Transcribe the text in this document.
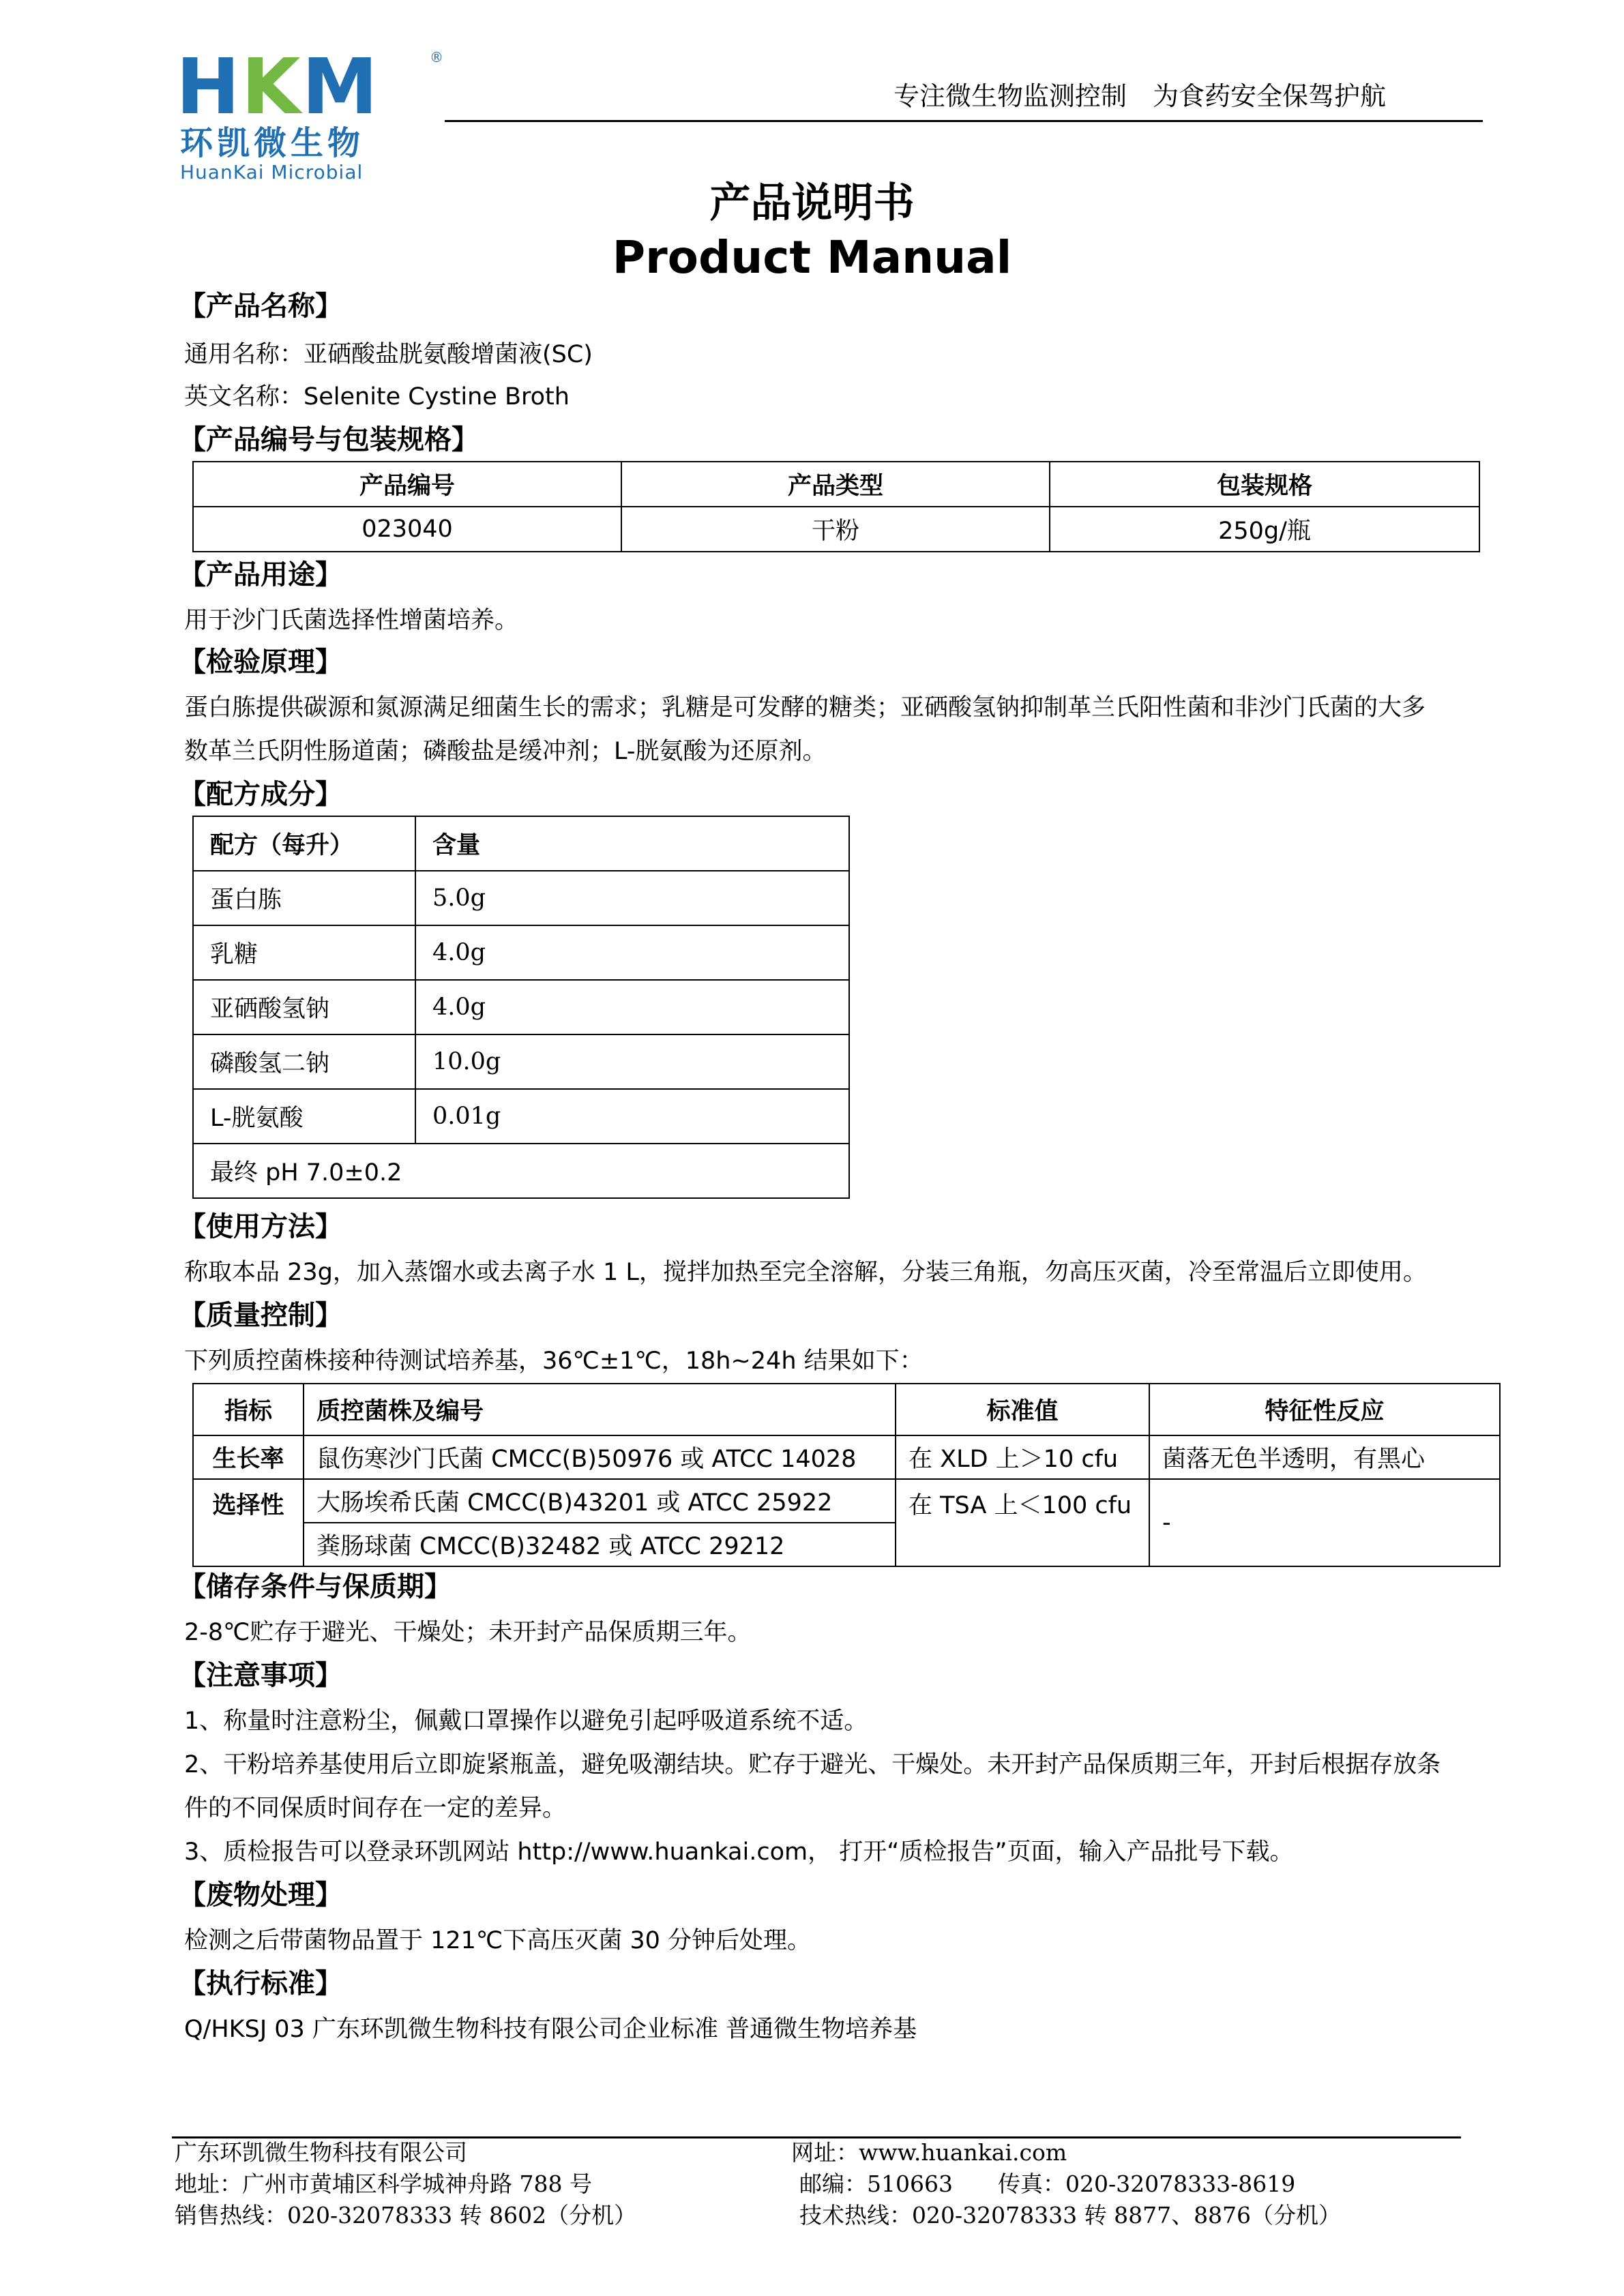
HKM	®
环凯微生物
HuanKai Microbial
专注微生物监测控制　为食药安全保驾护航
产品说明书
Product Manual
【产品名称】
通用名称：亚硒酸盐胱氨酸增菌液(SC)
英文名称：Selenite Cystine Broth
【产品编号与包装规格】
产品编号	产品类型	包装规格
023040	干粉	250g/瓶
【产品用途】
用于沙门氏菌选择性增菌培养。
【检验原理】
蛋白胨提供碳源和氮源满足细菌生长的需求；乳糖是可发酵的糖类；亚硒酸氢钠抑制革兰氏阳性菌和非沙门氏菌的大多
数革兰氏阴性肠道菌；磷酸盐是缓冲剂；L-胱氨酸为还原剂。
【配方成分】
配方（每升）	含量
蛋白胨	5.0g
乳糖	4.0g
亚硒酸氢钠	4.0g
磷酸氢二钠	10.0g
L-胱氨酸	0.01g
最终 pH 7.0±0.2	
【使用方法】
称取本品 23g，加入蒸馏水或去离子水 1 L，搅拌加热至完全溶解，分装三角瓶，勿高压灭菌，冷至常温后立即使用。
【质量控制】
下列质控菌株接种待测试培养基，36℃±1℃，18h~24h 结果如下：
指标	质控菌株及编号	标准值	特征性反应
生长率	鼠伤寒沙门氏菌 CMCC(B)50976 或 ATCC 14028	在 XLD 上＞10 cfu	菌落无色半透明，有黑心
选择性	大肠埃希氏菌 CMCC(B)43201 或 ATCC 25922	在 TSA 上＜100 cfu	-
	粪肠球菌 CMCC(B)32482 或 ATCC 29212		
【储存条件与保质期】
2-8℃贮存于避光、干燥处；未开封产品保质期三年。
【注意事项】
1、称量时注意粉尘，佩戴口罩操作以避免引起呼吸道系统不适。
2、干粉培养基使用后立即旋紧瓶盖，避免吸潮结块。贮存于避光、干燥处。未开封产品保质期三年，开封后根据存放条
件的不同保质时间存在一定的差异。
3、质检报告可以登录环凯网站 http://www.huankai.com， 打开“质检报告”页面，输入产品批号下载。
【废物处理】
检测之后带菌物品置于 121℃下高压灭菌 30 分钟后处理。
【执行标准】
Q/HKSJ 03 广东环凯微生物科技有限公司企业标准 普通微生物培养基
广东环凯微生物科技有限公司
地址：广州市黄埔区科学城神舟路 788 号
销售热线：020-32078333 转 8602（分机）
网址：www.huankai.com
邮编：510663　　传真：020-32078333-8619
技术热线：020-32078333 转 8877、8876（分机）
